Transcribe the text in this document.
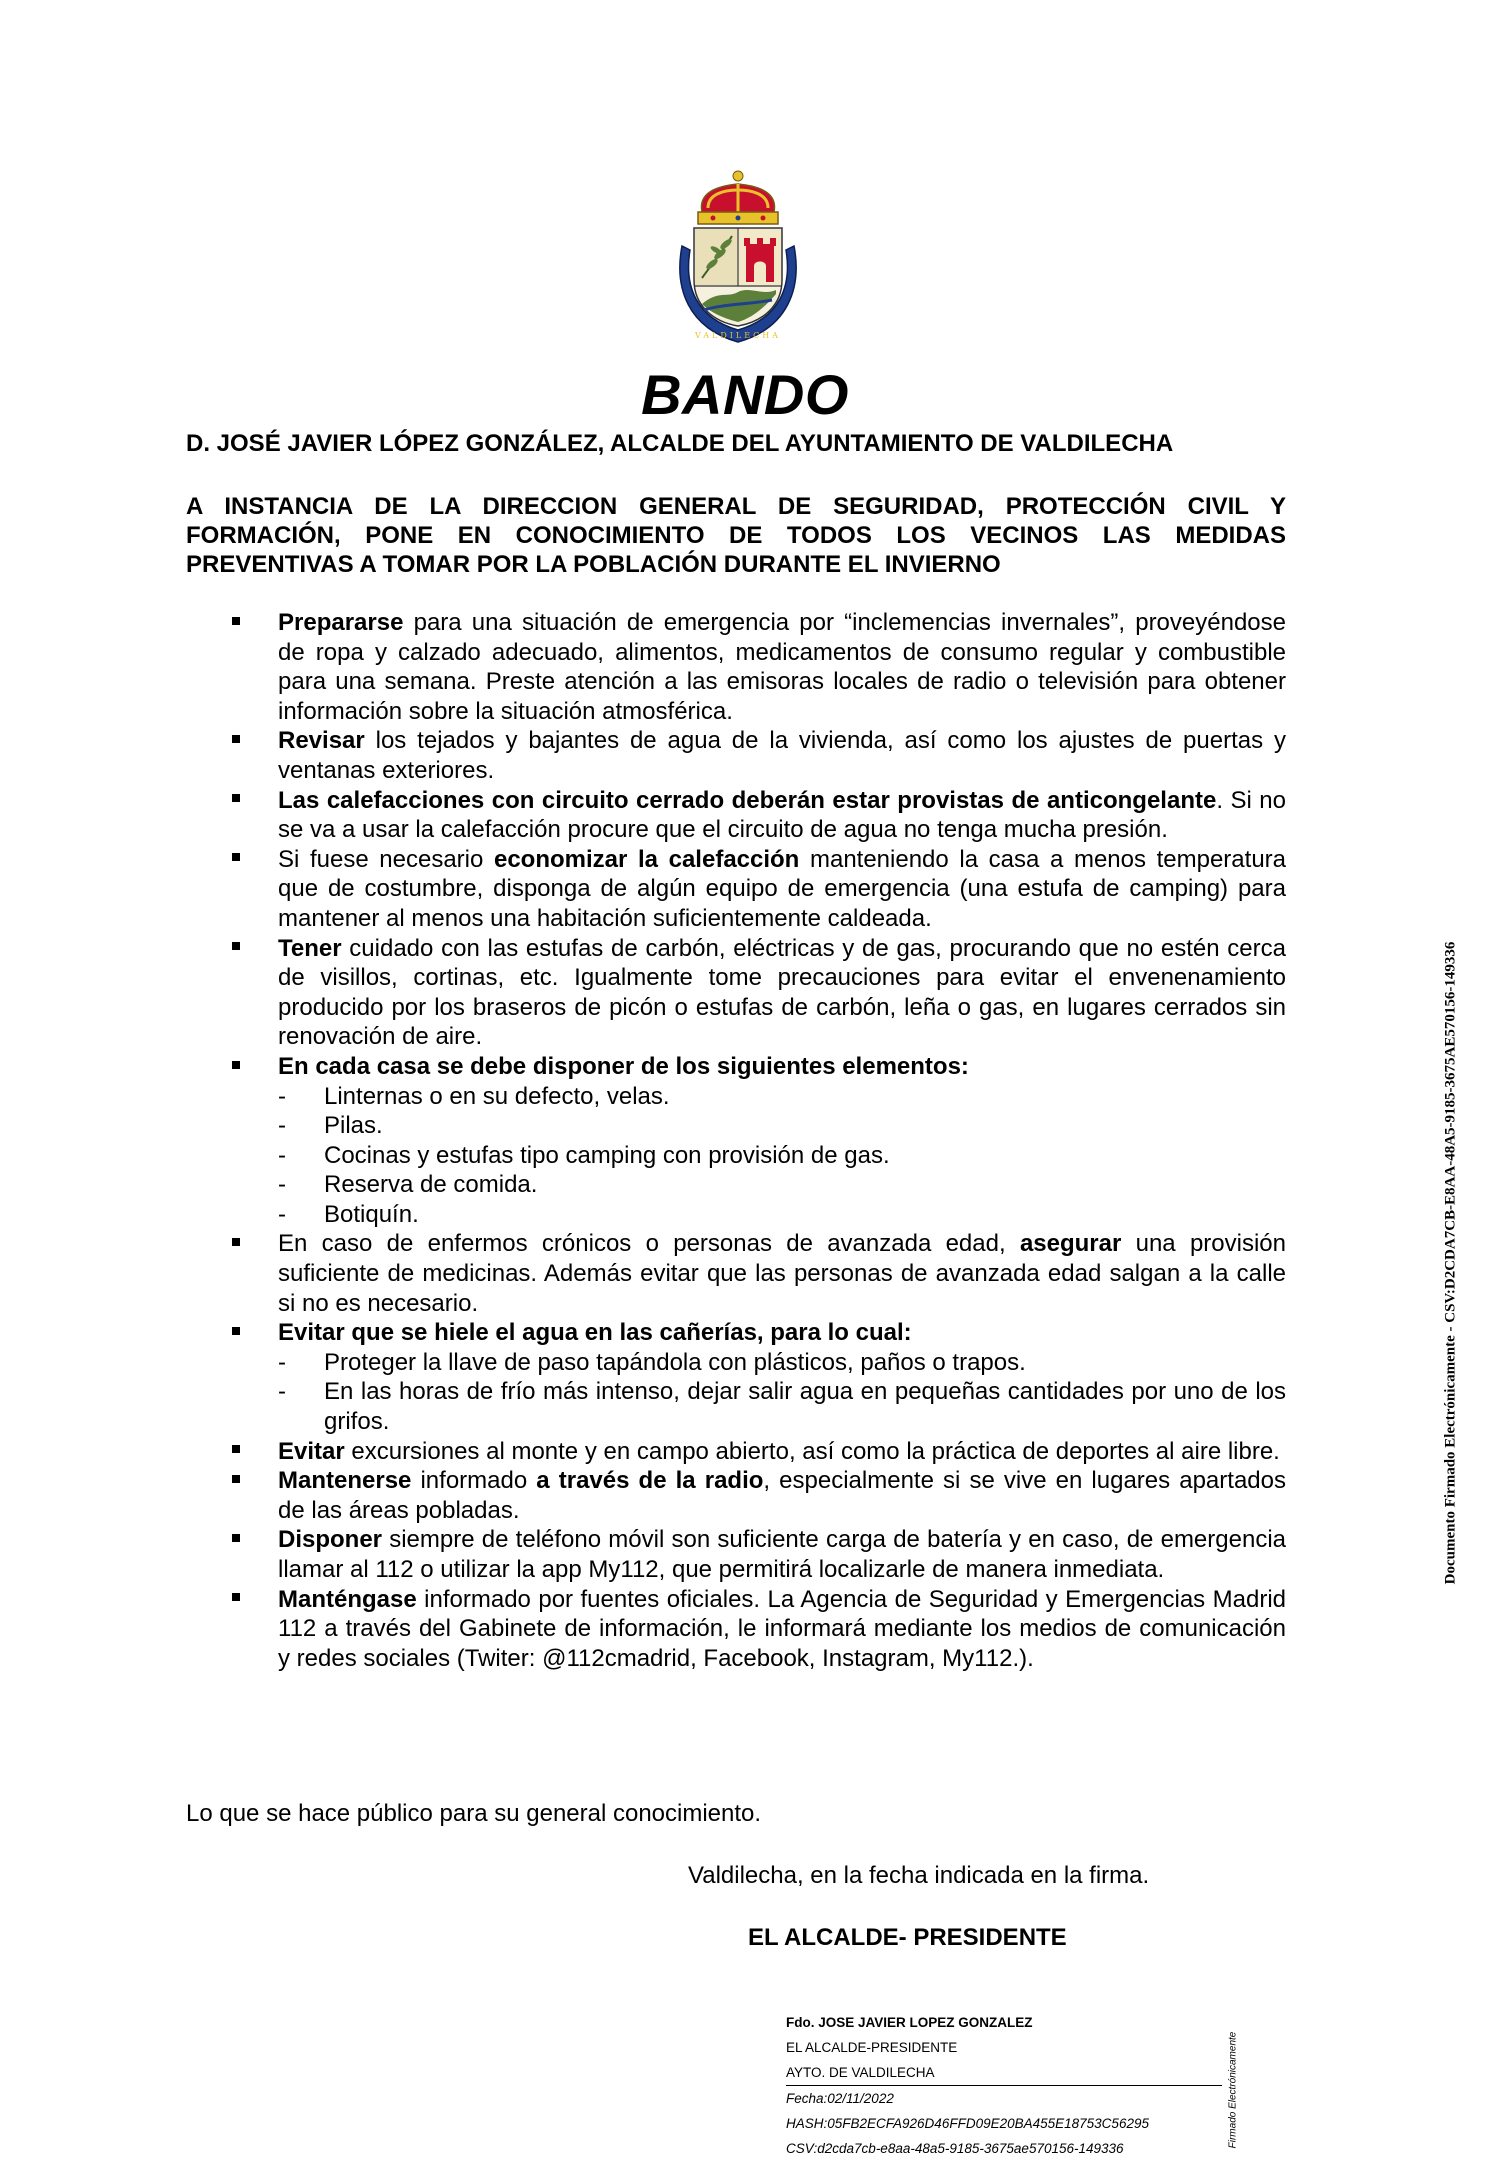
VALDILECHA
BANDO
D. JOSÉ JAVIER LÓPEZ GONZÁLEZ, ALCALDE DEL AYUNTAMIENTO DE VALDILECHA
A INSTANCIA DE LA DIRECCION GENERAL DE SEGURIDAD, PROTECCIÓN CIVIL Y FORMACIÓN, PONE EN CONOCIMIENTO DE TODOS LOS VECINOS LAS MEDIDAS PREVENTIVAS A TOMAR POR LA POBLACIÓN DURANTE EL INVIERNO
Prepararse para una situación de emergencia por “inclemencias invernales”, proveyéndose de ropa y calzado adecuado, alimentos, medicamentos de consumo regular y combustible para una semana. Preste atención a las emisoras locales de radio o televisión para obtener información sobre la situación atmosférica.
Revisar los tejados y bajantes de agua de la vivienda, así como los ajustes de puertas y ventanas exteriores.
Las calefacciones con circuito cerrado deberán estar provistas de anticongelante. Si no se va a usar la calefacción procure que el circuito de agua no tenga mucha presión.
Si fuese necesario economizar la calefacción manteniendo la casa a menos temperatura que de costumbre, disponga de algún equipo de emergencia (una estufa de camping) para mantener al menos una habitación suficientemente caldeada.
Tener cuidado con las estufas de carbón, eléctricas y de gas, procurando que no estén cerca de visillos, cortinas, etc. Igualmente tome precauciones para evitar el envenenamiento producido por los braseros de picón o estufas de carbón, leña o gas, en lugares cerrados sin renovación de aire.
En cada casa se debe disponer de los siguientes elementos:
-	Linternas o en su defecto, velas.
-	Pilas.
-	Cocinas y estufas tipo camping con provisión de gas.
-	Reserva de comida.
-	Botiquín.
En caso de enfermos crónicos o personas de avanzada edad, asegurar una provisión suficiente de medicinas. Además evitar que las personas de avanzada edad salgan a la calle si no es necesario.
Evitar que se hiele el agua en las cañerías, para lo cual:
-	Proteger la llave de paso tapándola con plásticos, paños o trapos.
-	En las horas de frío más intenso, dejar salir agua en pequeñas cantidades por uno de los grifos.
Evitar excursiones al monte y en campo abierto, así como la práctica de deportes al aire libre.
Mantenerse informado a través de la radio, especialmente si se vive en lugares apartados de las áreas pobladas.
Disponer siempre de teléfono móvil son suficiente carga de batería y en caso, de emergencia llamar al 112 o utilizar la app My112, que permitirá localizarle de manera inmediata.
Manténgase informado por fuentes oficiales. La Agencia de Seguridad y Emergencias Madrid 112 a través del Gabinete de información, le informará mediante los medios de comunicación y redes sociales (Twiter: @112cmadrid, Facebook, Instagram, My112.).
Lo que se hace público para su general conocimiento.
Valdilecha, en la fecha indicada en la firma.
EL ALCALDE- PRESIDENTE
Fdo. JOSE JAVIER LOPEZ GONZALEZ
EL ALCALDE-PRESIDENTE
AYTO. DE VALDILECHA
Fecha:02/11/2022
HASH:05FB2ECFA926D46FFD09E20BA455E18753C56295
CSV:d2cda7cb-e8aa-48a5-9185-3675ae570156-149336
Firmado Electrónicamente
Documento Firmado Electrónicamente - CSV:D2CDA7CB-E8AA-48A5-9185-3675AE570156-149336
